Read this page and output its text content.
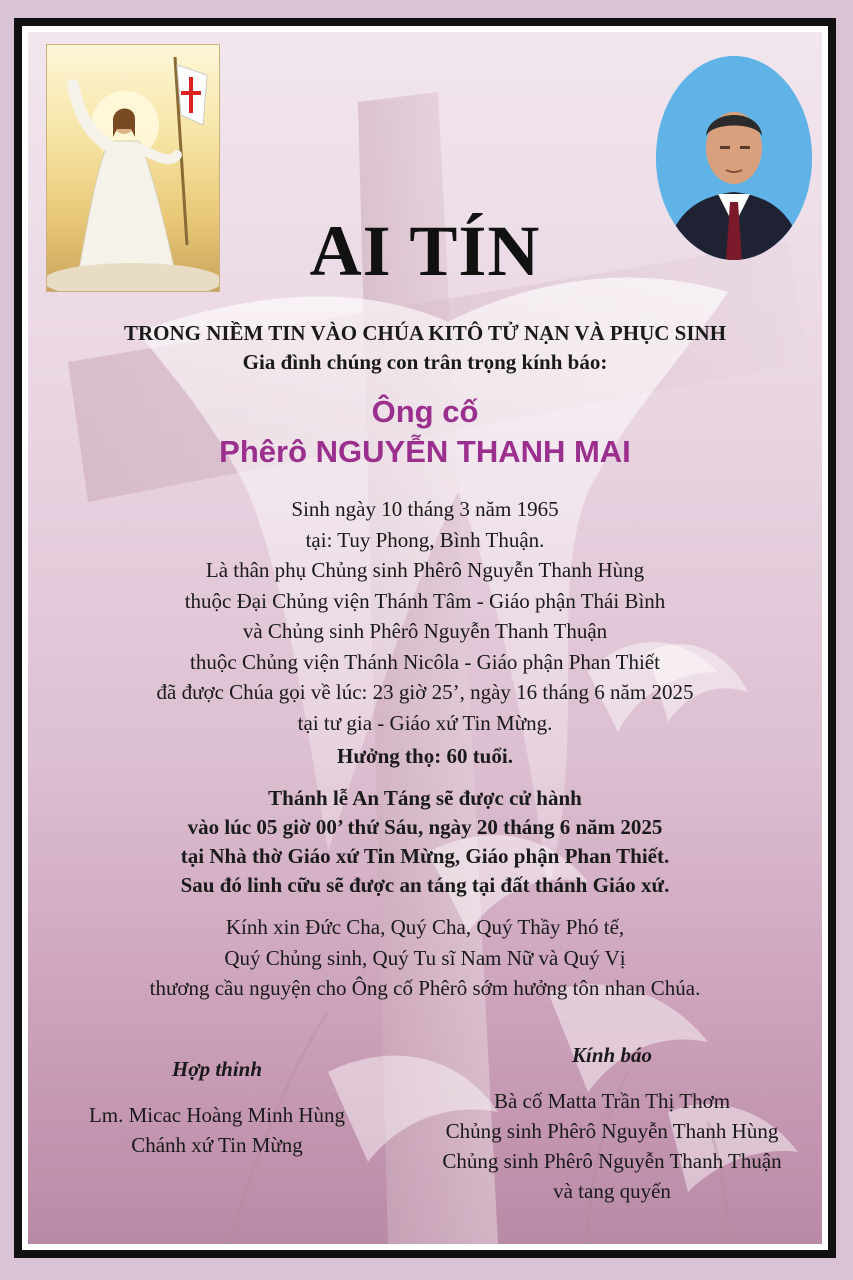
AI TÍN
TRONG NIỀM TIN VÀO CHÚA KITÔ TỬ NẠN VÀ PHỤC SINH
Gia đình chúng con trân trọng kính báo:
Ông cố
Phêrô NGUYỄN THANH MAI
Sinh ngày 10 tháng 3 năm 1965
tại: Tuy Phong, Bình Thuận.
Là thân phụ Chủng sinh Phêrô Nguyễn Thanh Hùng
thuộc Đại Chủng viện Thánh Tâm - Giáo phận Thái Bình
và Chủng sinh Phêrô Nguyễn Thanh Thuận
thuộc Chủng viện Thánh Nicôla - Giáo phận Phan Thiết
đã được Chúa gọi về lúc: 23 giờ 25’, ngày 16 tháng 6 năm 2025
tại tư gia - Giáo xứ Tin Mừng.
Hưởng thọ: 60 tuổi.
Thánh lễ An Táng sẽ được cử hành
vào lúc 05 giờ 00’ thứ Sáu, ngày 20 tháng 6 năm 2025
tại Nhà thờ Giáo xứ Tin Mừng, Giáo phận Phan Thiết.
Sau đó linh cữu sẽ được an táng tại đất thánh Giáo xứ.
Kính xin Đức Cha, Quý Cha, Quý Thầy Phó tế,
Quý Chủng sinh, Quý Tu sĩ Nam Nữ và Quý Vị
thương cầu nguyện cho Ông cố Phêrô sớm hưởng tôn nhan Chúa.
Hợp thỉnh
Lm. Micac Hoàng Minh Hùng
Chánh xứ Tin Mừng
Kính báo
Bà cố Matta Trần Thị Thơm
Chủng sinh Phêrô Nguyễn Thanh Hùng
Chủng sinh Phêrô Nguyễn Thanh Thuận
và tang quyến
